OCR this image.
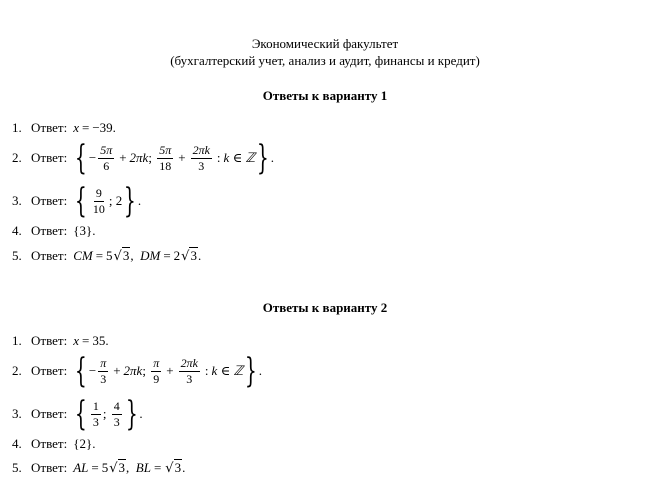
Экономический факультет
(бухгалтерский учет, анализ и аудит, финансы и кредит)
Ответы к варианту 1
1. Ответ: x = −39 .
2. Ответ: { − $\frac{5\pi}{6} + 2\pi k$ ; $\frac{5\pi}{18} + \frac{2\pi k}{3}$ : k ∈ ℤ } .
3. Ответ: { $\frac{9}{10}$ ; 2 } .
4. Ответ: {3} .
5. Ответ: CM = 5 √3 , DM = 2 √3 .
Ответы к варианту 2
1. Ответ: x = 35 .
2. Ответ: { − $\frac{\pi}{3} + 2\pi k$ ; $\frac{\pi}{9} + \frac{2\pi k}{3}$ : k ∈ ℤ } .
3. Ответ: { $\frac{1}{3}$ ; $\frac{4}{3}$ } .
4. Ответ: {2} .
5. Ответ: AL = 5 √3 , BL = √3 .
